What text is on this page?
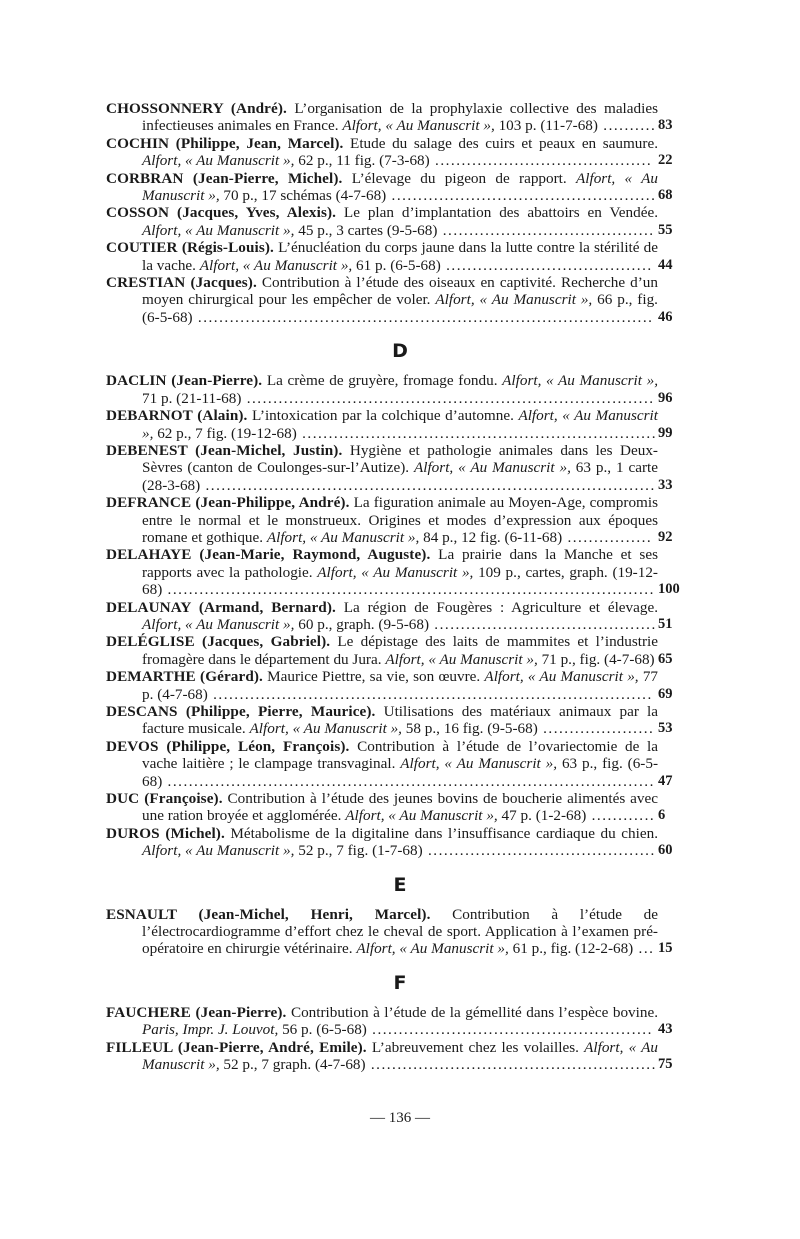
CHOSSONNERY (André). L’organisation de la prophylaxie collective des maladies infectieuses animales en France. Alfort, « Au Manuscrit », 103 p. (11-7-68) .......... 83

COCHIN (Philippe, Jean, Marcel). Etude du salage des cuirs et peaux en saumure. Alfort, « Au Manuscrit », 62 p., 11 fig. (7-3-68) ......................................... 22

CORBRAN (Jean-Pierre, Michel). L’élevage du pigeon de rapport. Alfort, « Au Manuscrit », 70 p., 17 schémas (4-7-68) .................................................. 68

COSSON (Jacques, Yves, Alexis). Le plan d’implantation des abattoirs en Vendée. Alfort, « Au Manuscrit », 45 p., 3 cartes (9-5-68) ........................................ 55

COUTIER (Régis-Louis). L’énucléation du corps jaune dans la lutte contre la stérilité de la vache. Alfort, « Au Manuscrit », 61 p. (6-5-68) ....................................... 44

CRESTIAN (Jacques). Contribution à l’étude des oiseaux en captivité. Recherche d’un moyen chirurgical pour les empêcher de voler. Alfort, « Au Manuscrit », 66 p., fig. (6-5-68) ...................................................................................... 46

D

DACLIN (Jean-Pierre). La crème de gruyère, fromage fondu. Alfort, « Au Manuscrit », 71 p. (21-11-68) ............................................................................. 96

DEBARNOT (Alain). L’intoxication par la colchique d’automne. Alfort, « Au Manuscrit », 62 p., 7 fig. (19-12-68) ................................................................... 99

DEBENEST (Jean-Michel, Justin). Hygiène et pathologie animales dans les Deux-Sèvres (canton de Coulonges-sur-l’Autize). Alfort, « Au Manuscrit », 63 p., 1 carte (28-3-68) ..................................................................................... 33

DEFRANCE (Jean-Philippe, André). La figuration animale au Moyen-Age, compromis entre le normal et le monstrueux. Origines et modes d’expression aux époques romane et gothique. Alfort, « Au Manuscrit », 84 p., 12 fig. (6-11-68) ................ 92

DELAHAYE (Jean-Marie, Raymond, Auguste). La prairie dans la Manche et ses rapports avec la pathologie. Alfort, « Au Manuscrit », 109 p., cartes, graph. (19-12-68) ............................................................................................ 100

DELAUNAY (Armand, Bernard). La région de Fougères : Agriculture et élevage. Alfort, « Au Manuscrit », 60 p., graph. (9-5-68) .......................................... 51

DELÉGLISE (Jacques, Gabriel). Le dépistage des laits de mammites et l’industrie fromagère dans le département du Jura. Alfort, « Au Manuscrit », 71 p., fig. (4-7-68) 65

DEMARTHE (Gérard). Maurice Piettre, sa vie, son œuvre. Alfort, « Au Manuscrit », 77 p. (4-7-68) ................................................................................... 69

DESCANS (Philippe, Pierre, Maurice). Utilisations des matériaux animaux par la facture musicale. Alfort, « Au Manuscrit », 58 p., 16 fig. (9-5-68) ..................... 53

DEVOS (Philippe, Léon, François). Contribution à l’étude de l’ovariectomie de la vache laitière ; le clampage transvaginal. Alfort, « Au Manuscrit », 63 p., fig. (6-5-68) ............................................................................................ 47

DUC (Françoise). Contribution à l’étude des jeunes bovins de boucherie alimentés avec une ration broyée et agglomérée. Alfort, « Au Manuscrit », 47 p. (1-2-68) ............ 6

DUROS (Michel). Métabolisme de la digitaline dans l’insuffisance cardiaque du chien. Alfort, « Au Manuscrit », 52 p., 7 fig. (1-7-68) ........................................... 60

E

ESNAULT (Jean-Michel, Henri, Marcel). Contribution à l’étude de l’électrocardiogramme d’effort chez le cheval de sport. Application à l’examen pré-opératoire en chirurgie vétérinaire. Alfort, « Au Manuscrit », 61 p., fig. (12-2-68) ... 15

F

FAUCHERE (Jean-Pierre). Contribution à l’étude de la gémellité dans l’espèce bovine. Paris, Impr. J. Louvot, 56 p. (6-5-68) ..................................................... 43

FILLEUL (Jean-Pierre, André, Emile). L’abreuvement chez les volailles. Alfort, « Au Manuscrit », 52 p., 7 graph. (4-7-68) ...................................................... 75

— 136 —
